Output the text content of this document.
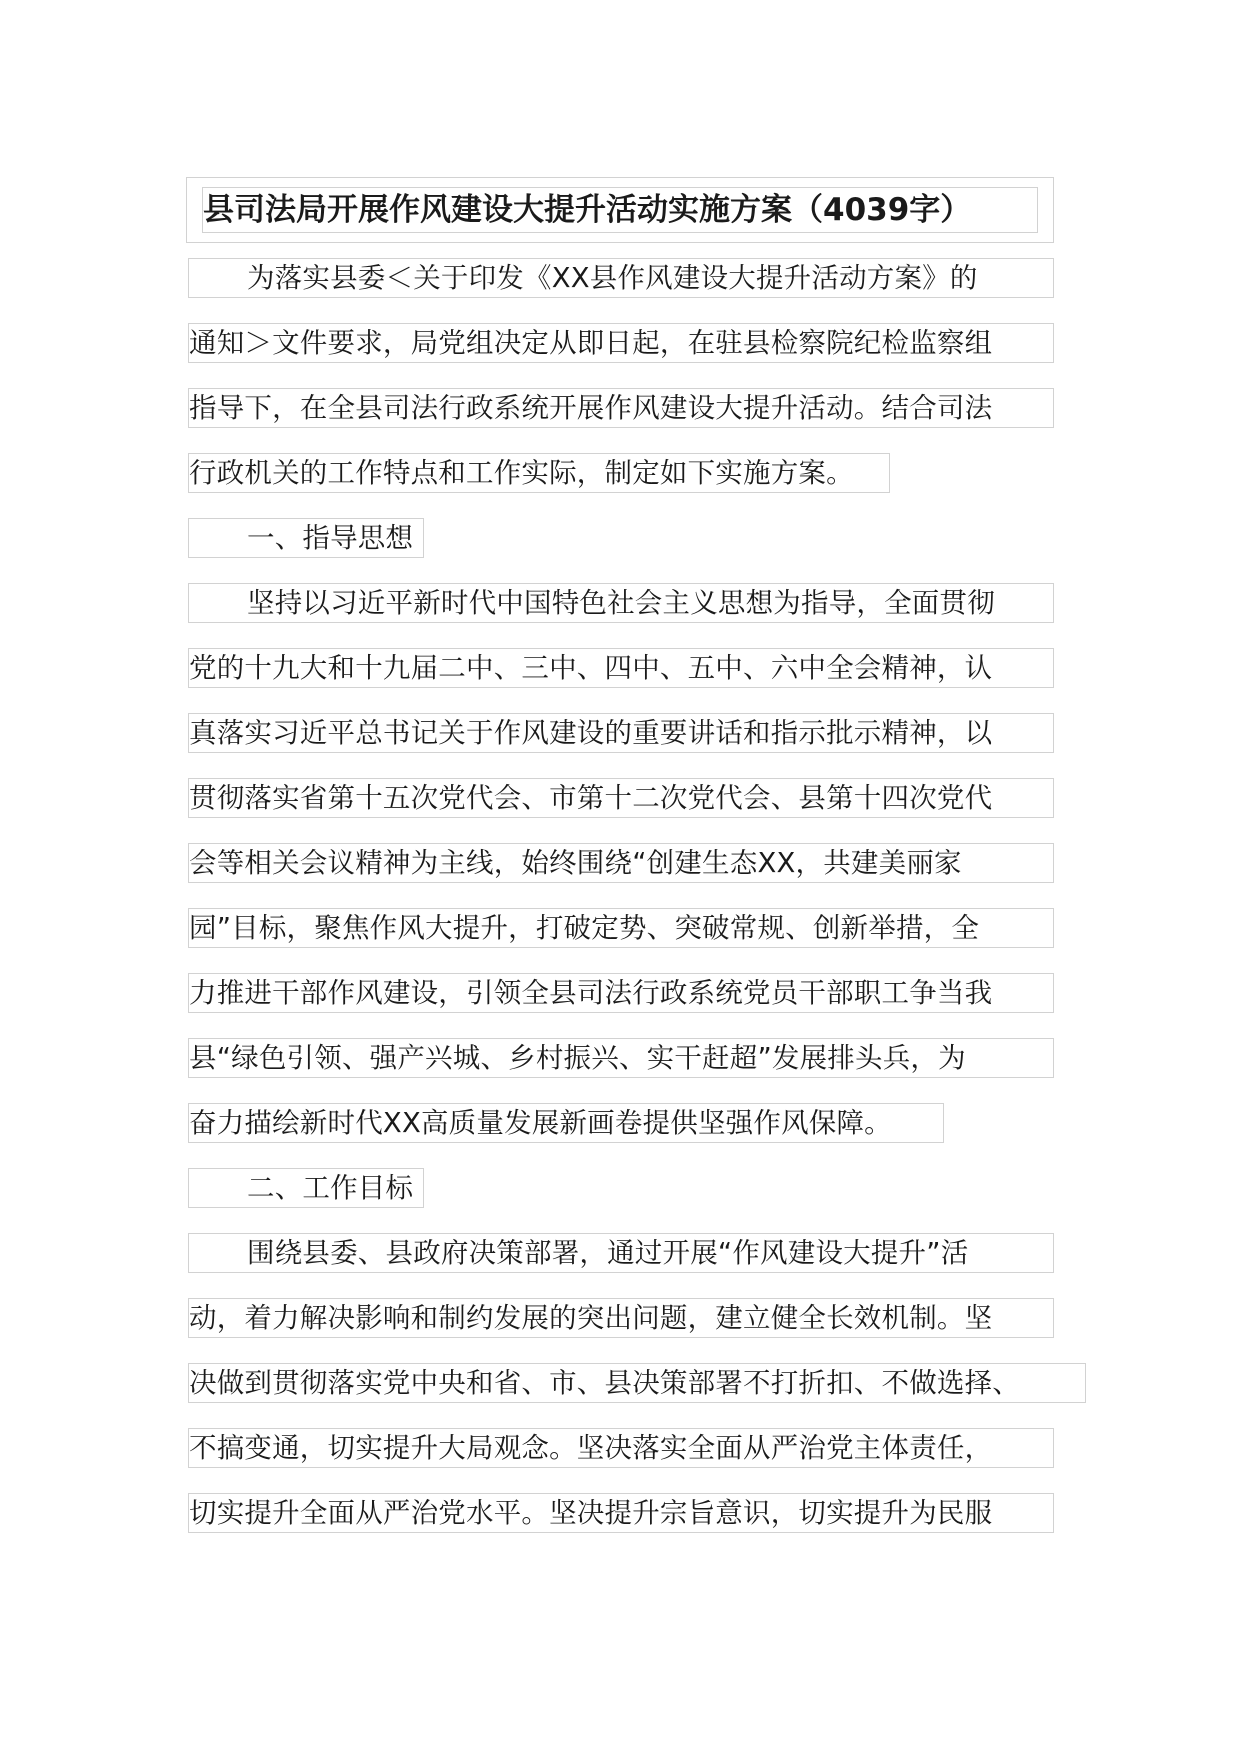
县司法局开展作风建设大提升活动实施方案（4039字）
为落实县委＜关于印发《XX县作风建设大提升活动方案》的
通知＞文件要求，局党组决定从即日起，在驻县检察院纪检监察组
指导下，在全县司法行政系统开展作风建设大提升活动。结合司法
行政机关的工作特点和工作实际，制定如下实施方案。
一、指导思想
坚持以习近平新时代中国特色社会主义思想为指导，全面贯彻
党的十九大和十九届二中、三中、四中、五中、六中全会精神，认
真落实习近平总书记关于作风建设的重要讲话和指示批示精神，以
贯彻落实省第十五次党代会、市第十二次党代会、县第十四次党代
会等相关会议精神为主线，始终围绕“创建生态XX，共建美丽家
园”目标，聚焦作风大提升，打破定势、突破常规、创新举措，全
力推进干部作风建设，引领全县司法行政系统党员干部职工争当我
县“绿色引领、强产兴城、乡村振兴、实干赶超”发展排头兵，为
奋力描绘新时代XX高质量发展新画卷提供坚强作风保障。
二、工作目标
围绕县委、县政府决策部署，通过开展“作风建设大提升”活
动，着力解决影响和制约发展的突出问题，建立健全长效机制。坚
决做到贯彻落实党中央和省、市、县决策部署不打折扣、不做选择、
不搞变通，切实提升大局观念。坚决落实全面从严治党主体责任，
切实提升全面从严治党水平。坚决提升宗旨意识，切实提升为民服
